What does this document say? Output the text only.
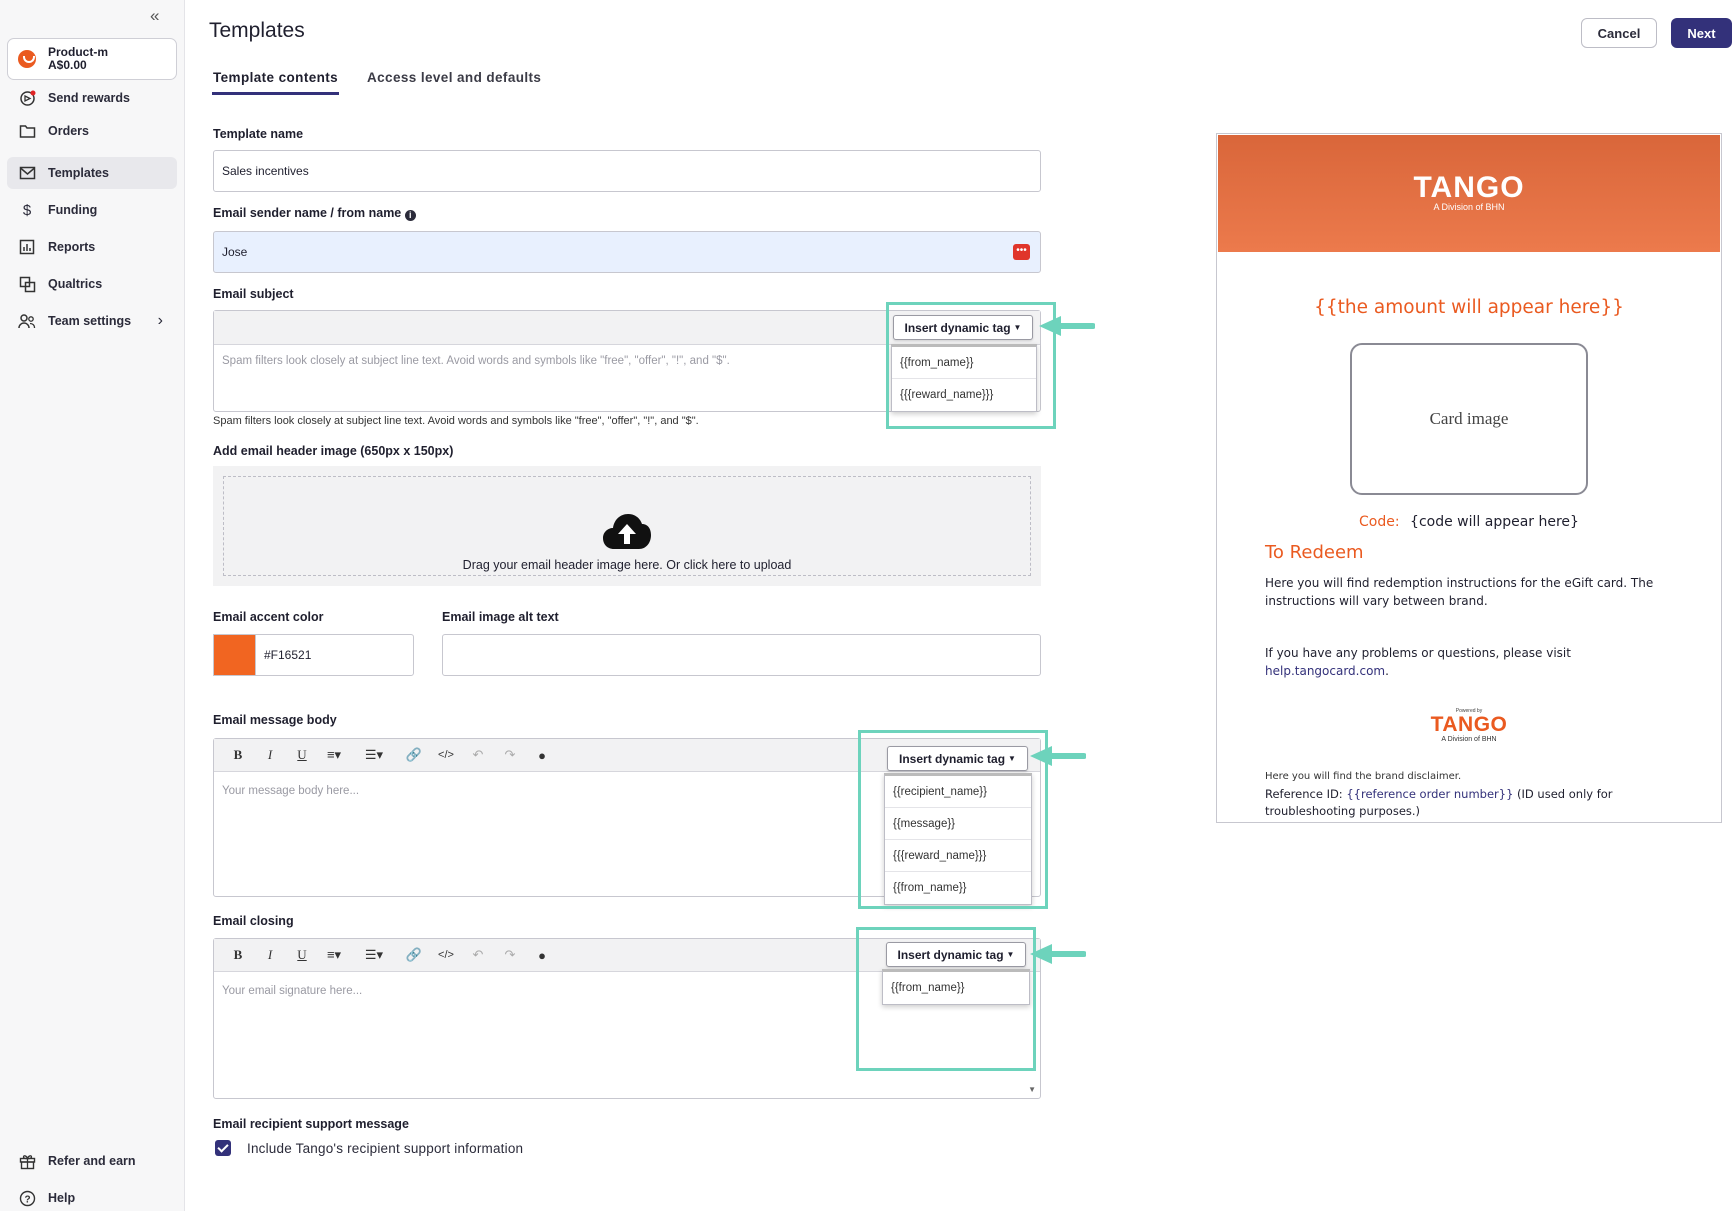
«
Product-m
A$0.00
Send rewards
Orders
Templates
$	Funding
Reports
Qualtrics
Team settings ›
Refer and earn
? Help
Templates	Cancel	Next
Template contents Access level and defaults
Template name
Sales incentives
Email sender name / from name i
Jose	•••
Email subject
Spam filters look closely at subject line text. Avoid words and symbols like "free", "offer", "!", and "$".
Spam filters look closely at subject line text. Avoid words and symbols like "free", "offer", "!", and "$".
Insert dynamic tag ▼
{{from_name}}
{{{reward_name}}}
Add email header image (650px x 150px)
Drag your email header image here. Or click here to upload
Email accent color
#F16521
Email image alt text
Email message body
B	I	U	≡▾	☰▾	🔗	</>	↶	↷	●
Your message body here...
Insert dynamic tag ▼
{{recipient_name}}
{{message}}
{{{reward_name}}}
{{from_name}}
Email closing
B	I	U	≡▾	☰▾	🔗	</>	↶	↷	●
Your email signature here...
▼
Insert dynamic tag ▼
{{from_name}}
Email recipient support message
Include Tango's recipient support information
TANGO
A Division of BHN
{{the amount will appear here}}
Card image
Code: {code will appear here}
To Redeem
Here you will find redemption instructions for the eGift card. The instructions will vary between brand.
If you have any problems or questions, please visit
help.tangocard.com.
Powered by
TANGO
A Division of BHN
Here you will find the brand disclaimer.
Reference ID: {{reference order number}} (ID used only for troubleshooting purposes.)
